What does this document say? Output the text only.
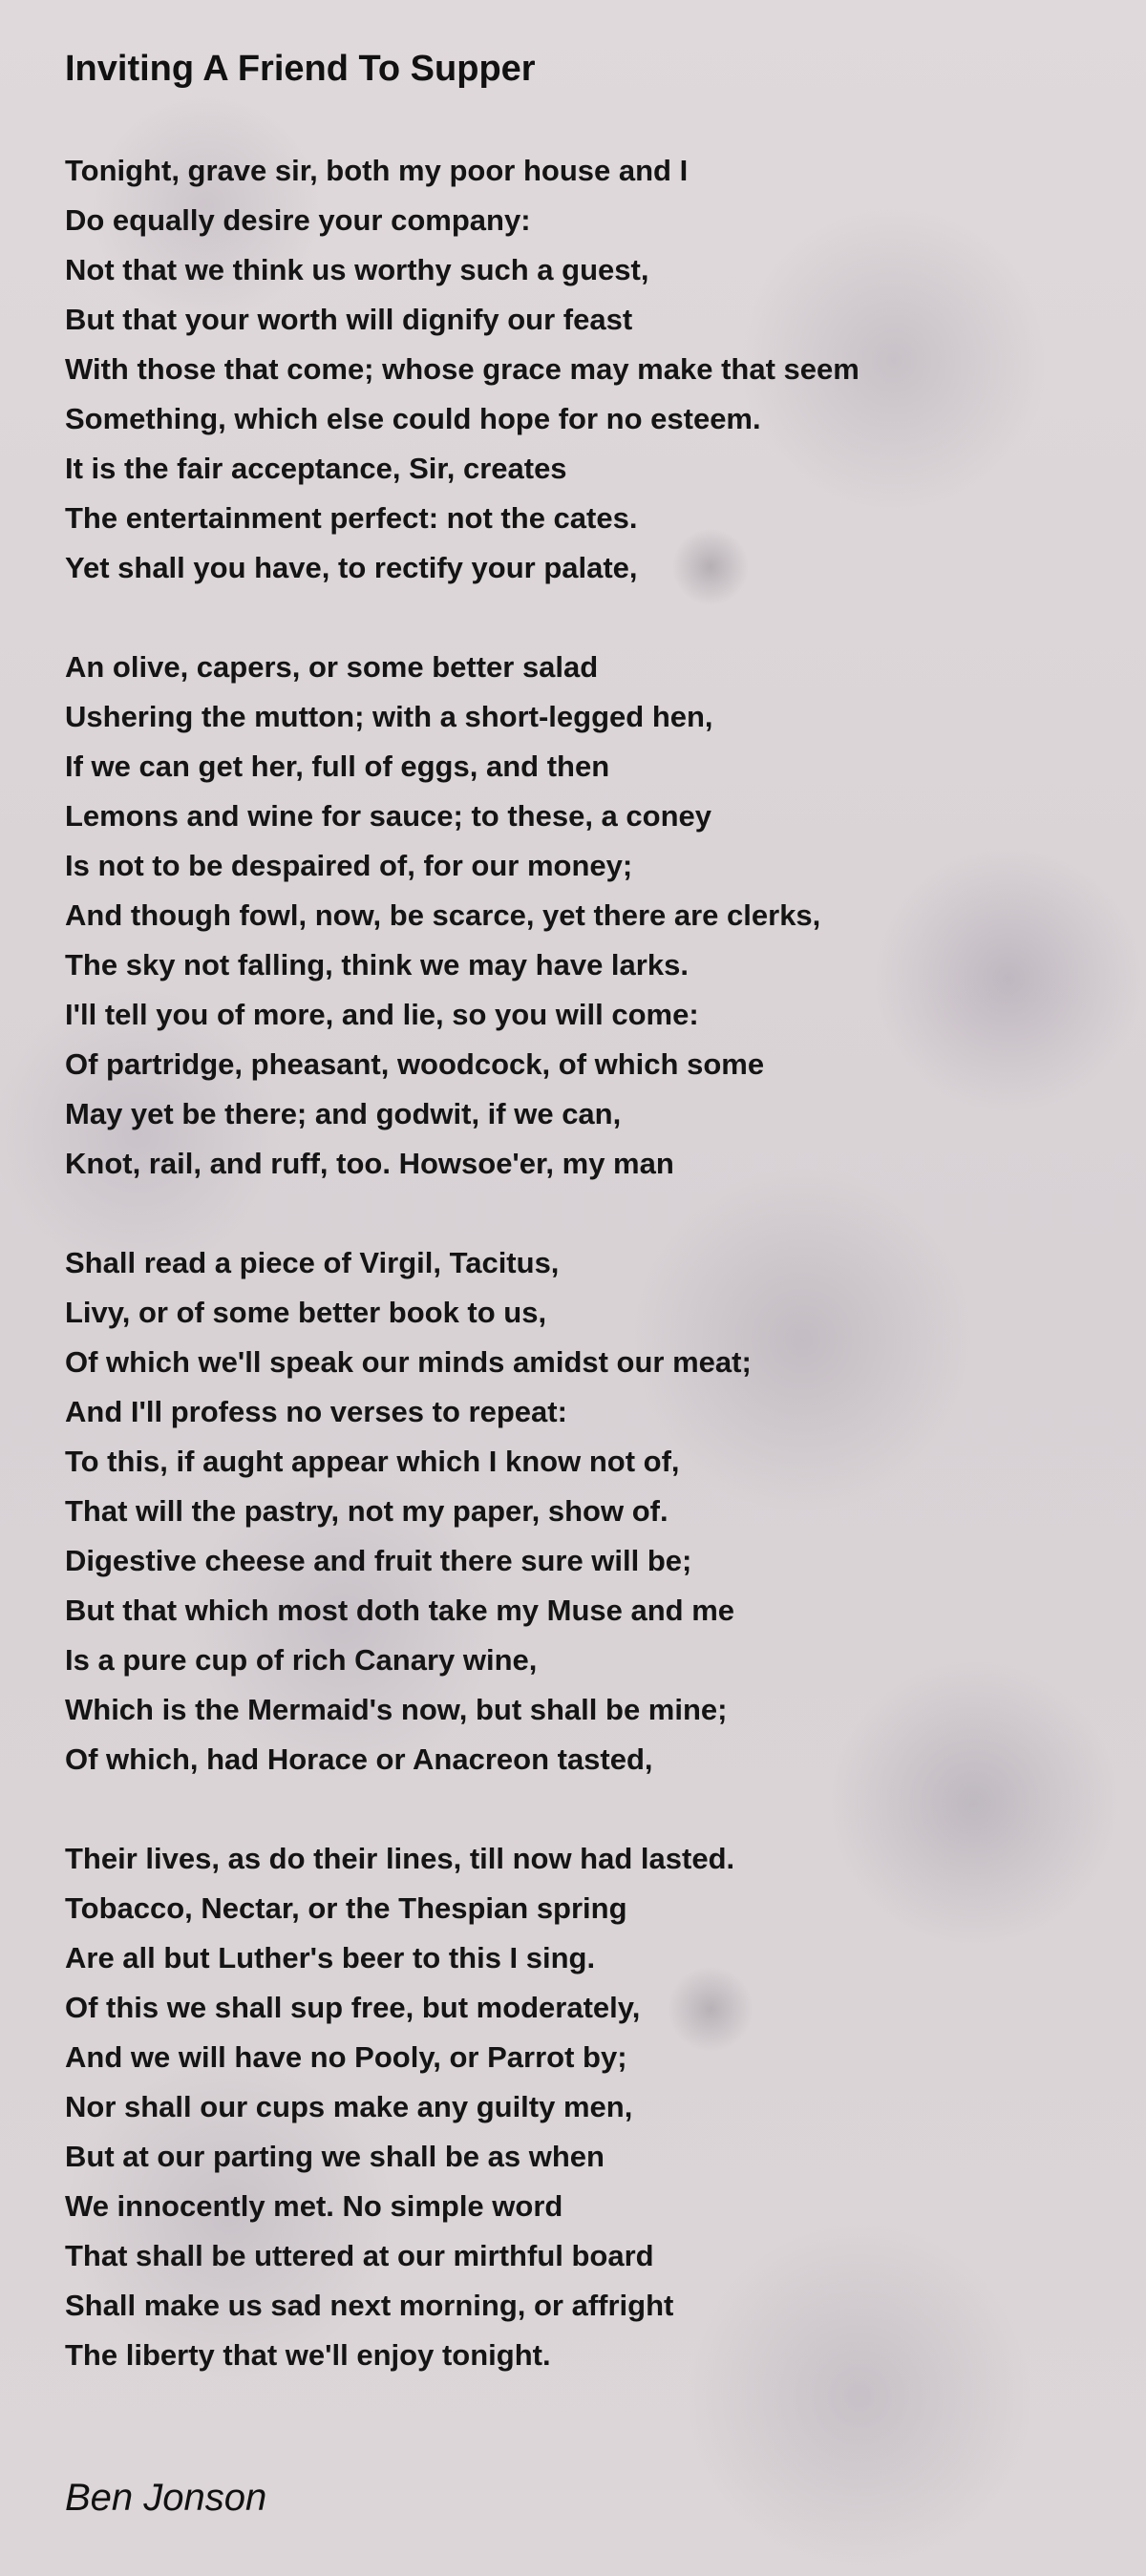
Inviting A Friend To Supper
Tonight, grave sir, both my poor house and I
Do equally desire your company:
Not that we think us worthy such a guest,
But that your worth will dignify our feast
With those that come; whose grace may make that seem
Something, which else could hope for no esteem.
It is the fair acceptance, Sir, creates
The entertainment perfect: not the cates.
Yet shall you have, to rectify your palate,
An olive, capers, or some better salad
Ushering the mutton; with a short-legged hen,
If we can get her, full of eggs, and then
Lemons and wine for sauce; to these, a coney
Is not to be despaired of, for our money;
And though fowl, now, be scarce, yet there are clerks,
The sky not falling, think we may have larks.
I'll tell you of more, and lie, so you will come:
Of partridge, pheasant, woodcock, of which some
May yet be there; and godwit, if we can,
Knot, rail, and ruff, too. Howsoe'er, my man
Shall read a piece of Virgil, Tacitus,
Livy, or of some better book to us,
Of which we'll speak our minds amidst our meat;
And I'll profess no verses to repeat:
To this, if aught appear which I know not of,
That will the pastry, not my paper, show of.
Digestive cheese and fruit there sure will be;
But that which most doth take my Muse and me
Is a pure cup of rich Canary wine,
Which is the Mermaid's now, but shall be mine;
Of which, had Horace or Anacreon tasted,
Their lives, as do their lines, till now had lasted.
Tobacco, Nectar, or the Thespian spring
Are all but Luther's beer to this I sing.
Of this we shall sup free, but moderately,
And we will have no Pooly, or Parrot by;
Nor shall our cups make any guilty men,
But at our parting we shall be as when
We innocently met. No simple word
That shall be uttered at our mirthful board
Shall make us sad next morning, or affright
The liberty that we'll enjoy tonight.

Ben Jonson
